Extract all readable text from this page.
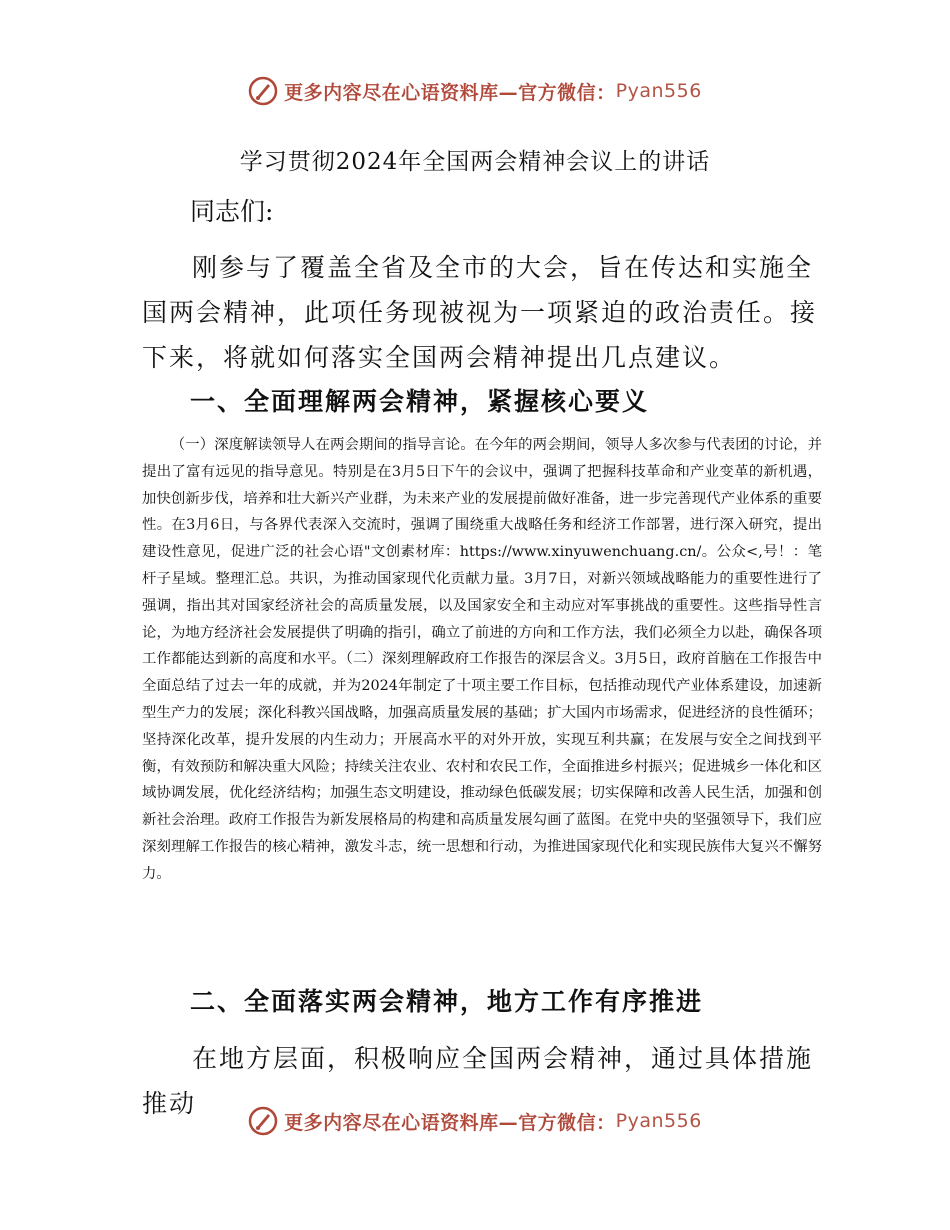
更多内容尽在心语资料库—官方微信： Pyan556
学习贯彻2024年全国两会精神会议上的讲话
同志们:

刚参与了覆盖全省及全市的大会，旨在传达和实施全国两会精神，此项任务现被视为一项紧迫的政治责任。接下来，将就如何落实全国两会精神提出几点建议。

一、全面理解两会精神，紧握核心要义

（一）深度解读领导人在两会期间的指导言论。在今年的两会期间，领导人多次参与代表团的讨论，并提出了富有远见的指导意见。特别是在3月5日下午的会议中，强调了把握科技革命和产业变革的新机遇，加快创新步伐，培养和壮大新兴产业群，为未来产业的发展提前做好准备，进一步完善现代产业体系的重要性。在3月6日，与各界代表深入交流时，强调了围绕重大战略任务和经济工作部署，进行深入研究，提出建设性意见，促进广泛的社会心语"文创素材库：https://www.xinyuwenchuang.cn/。公众<,号！：笔杆子星域。整理汇总。共识，为推动国家现代化贡献力量。3月7日，对新兴领域战略能力的重要性进行了强调，指出其对国家经济社会的高质量发展，以及国家安全和主动应对军事挑战的重要性。这些指导性言论，为地方经济社会发展提供了明确的指引，确立了前进的方向和工作方法，我们必须全力以赴，确保各项工作都能达到新的高度和水平。（二）深刻理解政府工作报告的深层含义。3月5日，政府首脑在工作报告中全面总结了过去一年的成就，并为2024年制定了十项主要工作目标，包括推动现代产业体系建设，加速新型生产力的发展；深化科教兴国战略，加强高质量发展的基础；扩大国内市场需求，促进经济的良性循环；坚持深化改革，提升发展的内生动力；开展高水平的对外开放，实现互利共赢；在发展与安全之间找到平衡，有效预防和解决重大风险；持续关注农业、农村和农民工作，全面推进乡村振兴；促进城乡一体化和区域协调发展，优化经济结构；加强生态文明建设，推动绿色低碳发展；切实保障和改善人民生活，加强和创新社会治理。政府工作报告为新发展格局的构建和高质量发展勾画了蓝图。在党中央的坚强领导下，我们应深刻理解工作报告的核心精神，激发斗志，统一思想和行动，为推进国家现代化和实现民族伟大复兴不懈努力。

二、全面落实两会精神，地方工作有序推进

在地方层面，积极响应全国两会精神，通过具体措施推动

更多内容尽在心语资料库—官方微信： Pyan556
